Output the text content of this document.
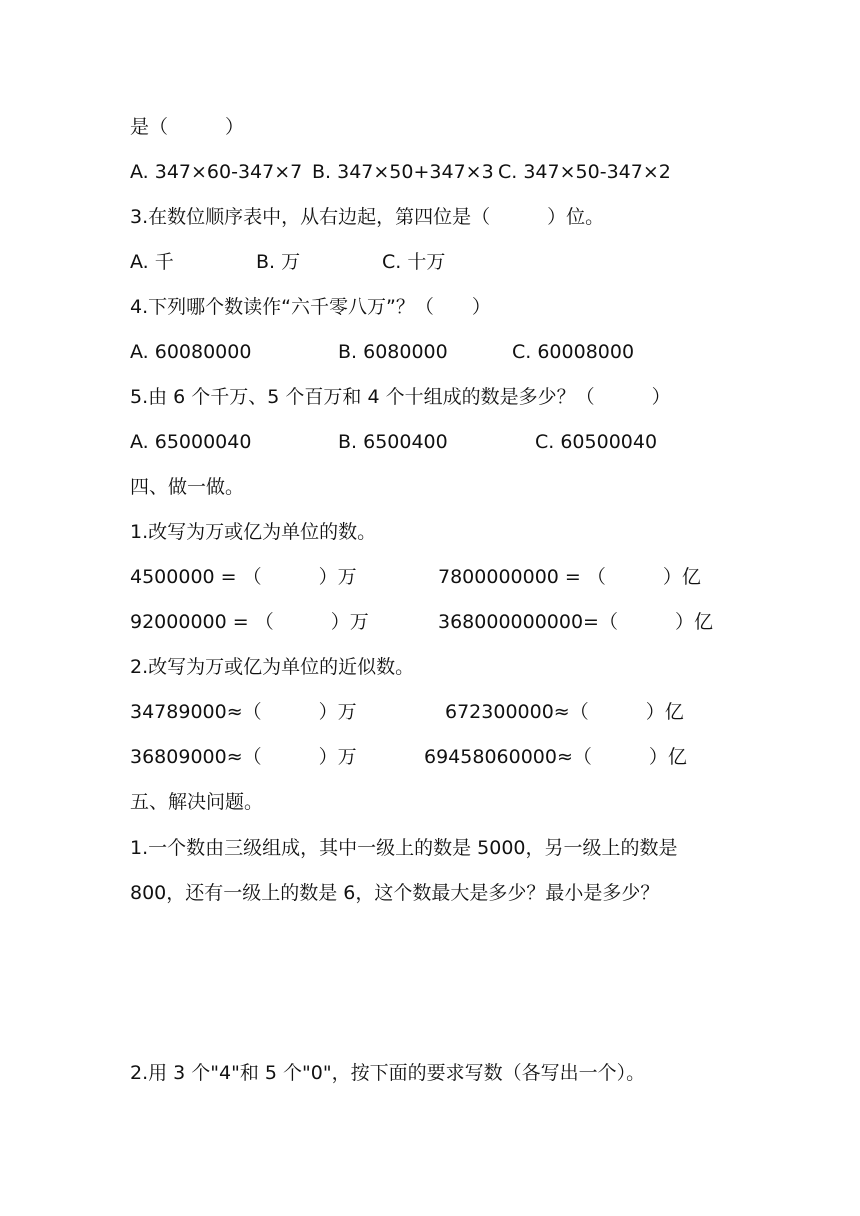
是（　　　）
A. 347×60-347×7 B. 347×50+347×3 C. 347×50-347×2
3.在数位顺序表中，从右边起，第四位是（　　　）位。
A. 千	B. 万	C. 十万
4.下列哪个数读作“六千零八万”？（　　）
A. 60080000	B. 6080000	C. 60008000
5.由 6 个千万、5 个百万和 4 个十组成的数是多少？（　　　）
A. 65000040	B. 6500400	C. 60500040
四、做一做。
1.改写为万或亿为单位的数。
4500000 = （　　　）万	7800000000 = （　　　）亿
92000000 = （　　　）万	368000000000=（　　　）亿
2.改写为万或亿为单位的近似数。
34789000≈（　　　）万	672300000≈（　　　）亿
36809000≈（　　　）万	69458060000≈（　　　）亿
五、解决问题。
1.一个数由三级组成，其中一级上的数是 5000，另一级上的数是
800，还有一级上的数是 6，这个数最大是多少？最小是多少？
2.用 3 个"4"和 5 个"0"，按下面的要求写数（各写出一个）。
